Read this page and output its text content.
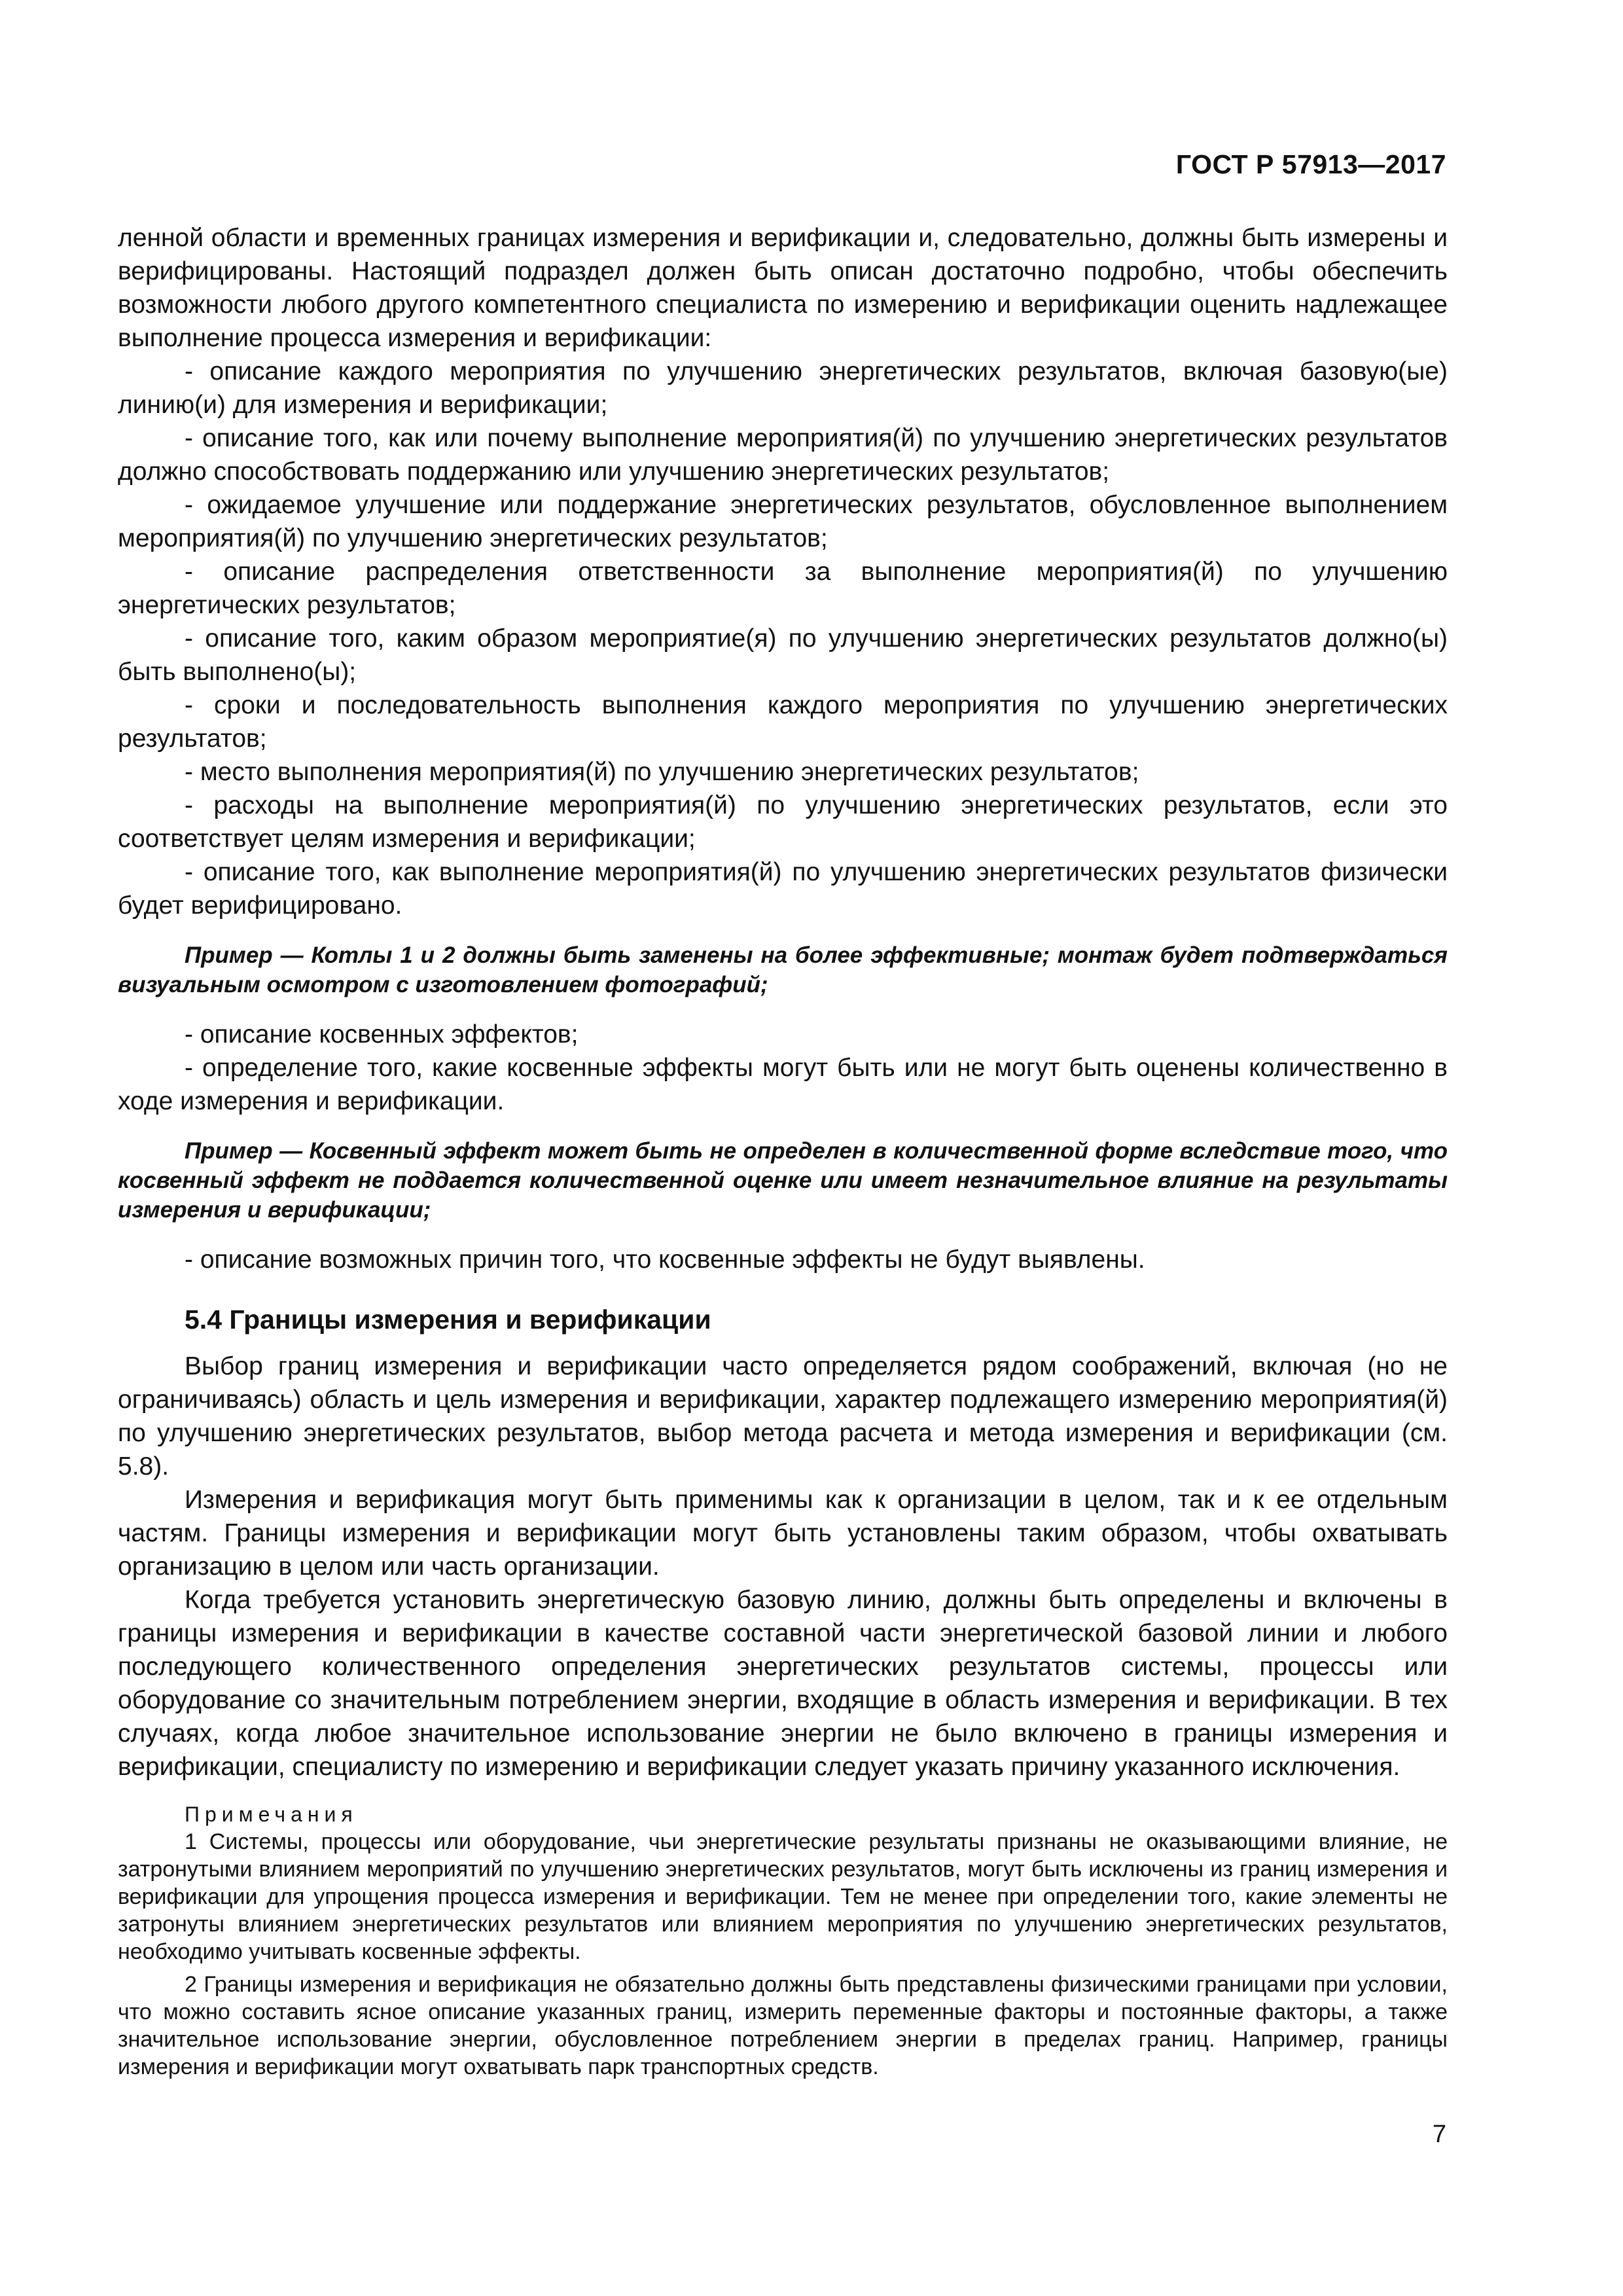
ГОСТ Р 57913—2017

ленной области и временных границах измерения и верификации и, следовательно, должны быть измерены и верифицированы. Настоящий подраздел должен быть описан достаточно подробно, чтобы обеспечить возможности любого другого компетентного специалиста по измерению и верификации оценить надлежащее выполнение процесса измерения и верификации:

- описание каждого мероприятия по улучшению энергетических результатов, включая базовую(ые) линию(и) для измерения и верификации;

- описание того, как или почему выполнение мероприятия(й) по улучшению энергетических результатов должно способствовать поддержанию или улучшению энергетических результатов;

- ожидаемое улучшение или поддержание энергетических результатов, обусловленное выполнением мероприятия(й) по улучшению энергетических результатов;

- описание распределения ответственности за выполнение мероприятия(й) по улучшению энергетических результатов;

- описание того, каким образом мероприятие(я) по улучшению энергетических результатов должно(ы) быть выполнено(ы);

- сроки и последовательность выполнения каждого мероприятия по улучшению энергетических результатов;

- место выполнения мероприятия(й) по улучшению энергетических результатов;

- расходы на выполнение мероприятия(й) по улучшению энергетических результатов, если это соответствует целям измерения и верификации;

- описание того, как выполнение мероприятия(й) по улучшению энергетических результатов физически будет верифицировано.

Пример — Котлы 1 и 2 должны быть заменены на более эффективные; монтаж будет подтверждаться визуальным осмотром с изготовлением фотографий;

- описание косвенных эффектов;

- определение того, какие косвенные эффекты могут быть или не могут быть оценены количественно в ходе измерения и верификации.

Пример — Косвенный эффект может быть не определен в количественной форме вследствие того, что косвенный эффект не поддается количественной оценке или имеет незначительное влияние на результаты измерения и верификации;

- описание возможных причин того, что косвенные эффекты не будут выявлены.

5.4 Границы измерения и верификации

Выбор границ измерения и верификации часто определяется рядом соображений, включая (но не ограничиваясь) область и цель измерения и верификации, характер подлежащего измерению мероприятия(й) по улучшению энергетических результатов, выбор метода расчета и метода измерения и верификации (см. 5.8).

Измерения и верификация могут быть применимы как к организации в целом, так и к ее отдельным частям. Границы измерения и верификации могут быть установлены таким образом, чтобы охватывать организацию в целом или часть организации.

Когда требуется установить энергетическую базовую линию, должны быть определены и включены в границы измерения и верификации в качестве составной части энергетической базовой линии и любого последующего количественного определения энергетических результатов системы, процессы или оборудование со значительным потреблением энергии, входящие в область измерения и верификации. В тех случаях, когда любое значительное использование энергии не было включено в границы измерения и верификации, специалисту по измерению и верификации следует указать причину указанного исключения.

Примечания

1 Системы, процессы или оборудование, чьи энергетические результаты признаны не оказывающими влияние, не затронутыми влиянием мероприятий по улучшению энергетических результатов, могут быть исключены из границ измерения и верификации для упрощения процесса измерения и верификации. Тем не менее при определении того, какие элементы не затронуты влиянием энергетических результатов или влиянием мероприятия по улучшению энергетических результатов, необходимо учитывать косвенные эффекты.

2 Границы измерения и верификация не обязательно должны быть представлены физическими границами при условии, что можно составить ясное описание указанных границ, измерить переменные факторы и постоянные факторы, а также значительное использование энергии, обусловленное потреблением энергии в пределах границ. Например, границы измерения и верификации могут охватывать парк транспортных средств.

7
